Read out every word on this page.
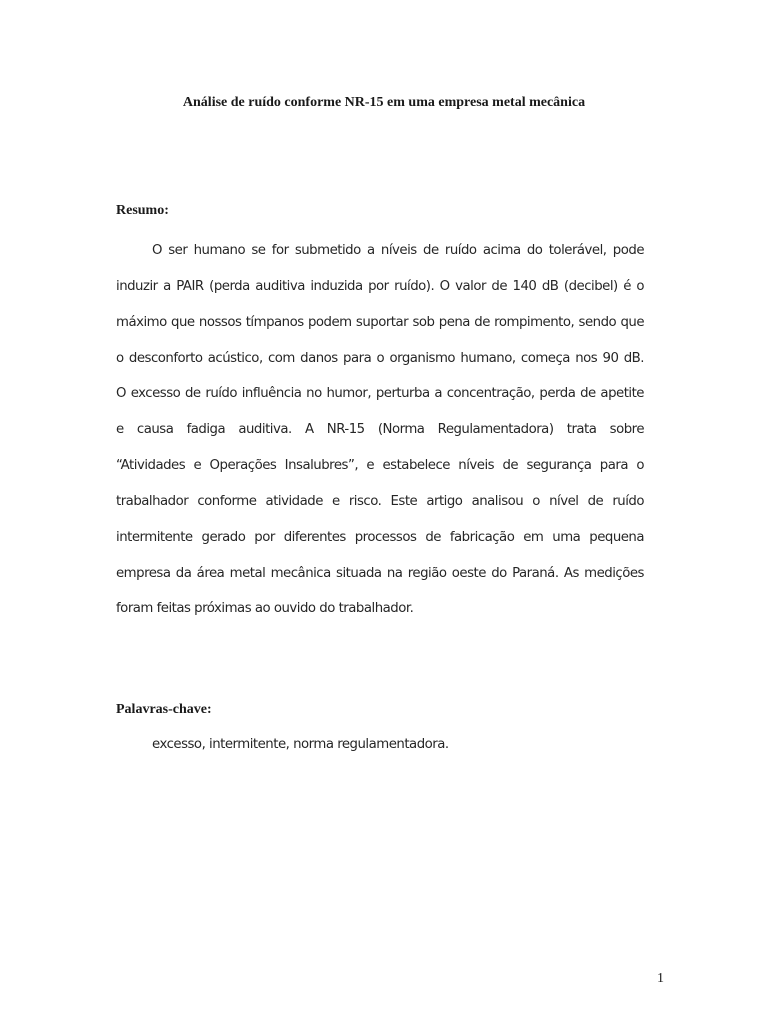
Análise de ruído conforme NR-15 em uma empresa metal mecânica
Resumo:
O ser humano se for submetido a níveis de ruído acima do tolerável, pode
induzir a PAIR (perda auditiva induzida por ruído). O valor de 140 dB (decibel) é o
máximo que nossos tímpanos podem suportar sob pena de rompimento, sendo que
o desconforto acústico, com danos para o organismo humano, começa nos 90 dB.
O excesso de ruído influência no humor, perturba a concentração, perda de apetite
e causa fadiga auditiva. A NR-15 (Norma Regulamentadora) trata sobre
“Atividades e Operações Insalubres”, e estabelece níveis de segurança para o
trabalhador conforme atividade e risco. Este artigo analisou o nível de ruído
intermitente gerado por diferentes processos de fabricação em uma pequena
empresa da área metal mecânica situada na região oeste do Paraná. As medições
foram feitas próximas ao ouvido do trabalhador.
Palavras-chave:
excesso, intermitente, norma regulamentadora.
1
